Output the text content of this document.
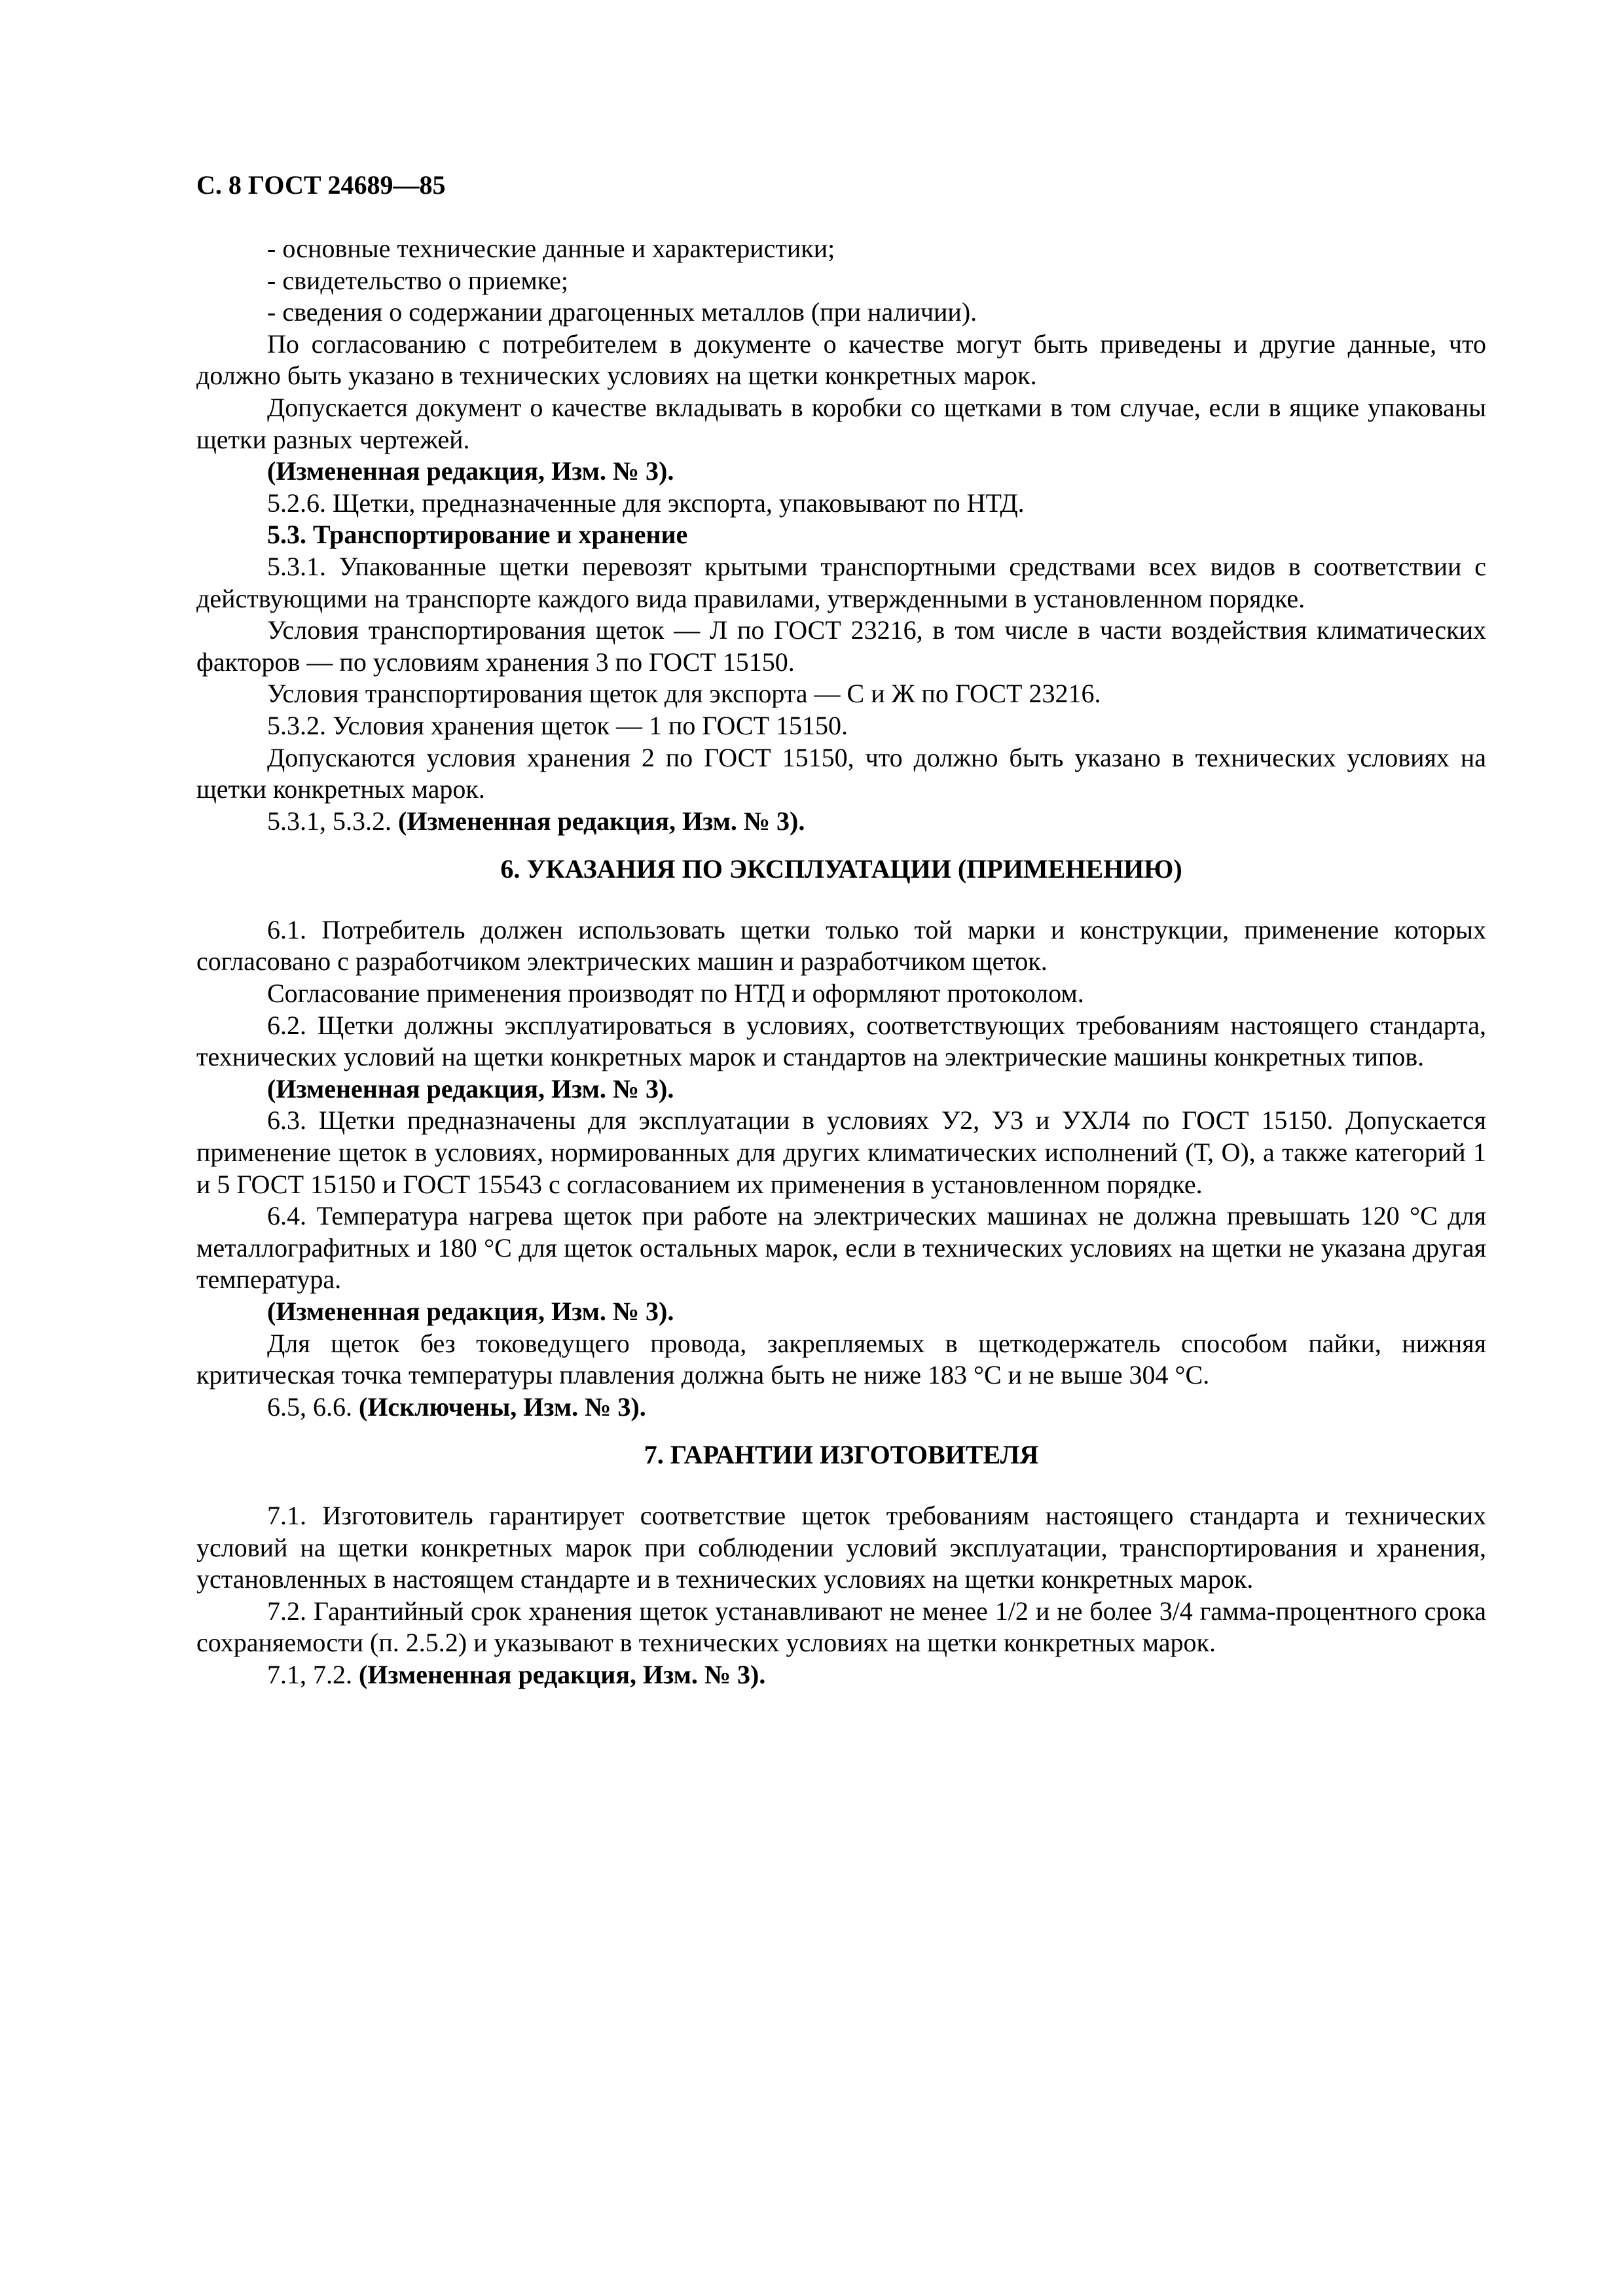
С. 8 ГОСТ 24689—85

- основные технические данные и характеристики;

- свидетельство о приемке;

- сведения о содержании драгоценных металлов (при наличии).

По согласованию с потребителем в документе о качестве могут быть приведены и другие данные, что должно быть указано в технических условиях на щетки конкретных марок.

Допускается документ о качестве вкладывать в коробки со щетками в том случае, если в ящике упакованы щетки разных чертежей.

(Измененная редакция, Изм. № 3).

5.2.6. Щетки, предназначенные для экспорта, упаковывают по НТД.

5.3. Транспортирование и хранение

5.3.1. Упакованные щетки перевозят крытыми транспортными средствами всех видов в соответствии с действующими на транспорте каждого вида правилами, утвержденными в установленном порядке.

Условия транспортирования щеток — Л по ГОСТ 23216, в том числе в части воздействия климатических факторов — по условиям хранения 3 по ГОСТ 15150.

Условия транспортирования щеток для экспорта — С и Ж по ГОСТ 23216.

5.3.2. Условия хранения щеток — 1 по ГОСТ 15150.

Допускаются условия хранения 2 по ГОСТ 15150, что должно быть указано в технических условиях на щетки конкретных марок.

5.3.1, 5.3.2. (Измененная редакция, Изм. № 3).

6. УКАЗАНИЯ ПО ЭКСПЛУАТАЦИИ (ПРИМЕНЕНИЮ)

6.1. Потребитель должен использовать щетки только той марки и конструкции, применение которых согласовано с разработчиком электрических машин и разработчиком щеток.

Согласование применения производят по НТД и оформляют протоколом.

6.2. Щетки должны эксплуатироваться в условиях, соответствующих требованиям настоящего стандарта, технических условий на щетки конкретных марок и стандартов на электрические машины конкретных типов.

(Измененная редакция, Изм. № 3).

6.3. Щетки предназначены для эксплуатации в условиях У2, У3 и УХЛ4 по ГОСТ 15150. Допускается применение щеток в условиях, нормированных для других климатических исполнений (Т, О), а также категорий 1 и 5 ГОСТ 15150 и ГОСТ 15543 с согласованием их применения в установленном порядке.

6.4. Температура нагрева щеток при работе на электрических машинах не должна превышать 120 °С для металлографитных и 180 °С для щеток остальных марок, если в технических условиях на щетки не указана другая температура.

(Измененная редакция, Изм. № 3).

Для щеток без токоведущего провода, закрепляемых в щеткодержатель способом пайки, нижняя критическая точка температуры плавления должна быть не ниже 183 °С и не выше 304 °С.

6.5, 6.6. (Исключены, Изм. № 3).

7. ГАРАНТИИ ИЗГОТОВИТЕЛЯ

7.1. Изготовитель гарантирует соответствие щеток требованиям настоящего стандарта и технических условий на щетки конкретных марок при соблюдении условий эксплуатации, транспортирования и хранения, установленных в настоящем стандарте и в технических условиях на щетки конкретных марок.

7.2. Гарантийный срок хранения щеток устанавливают не менее 1/2 и не более 3/4 гамма-процентного срока сохраняемости (п. 2.5.2) и указывают в технических условиях на щетки конкретных марок.

7.1, 7.2. (Измененная редакция, Изм. № 3).
